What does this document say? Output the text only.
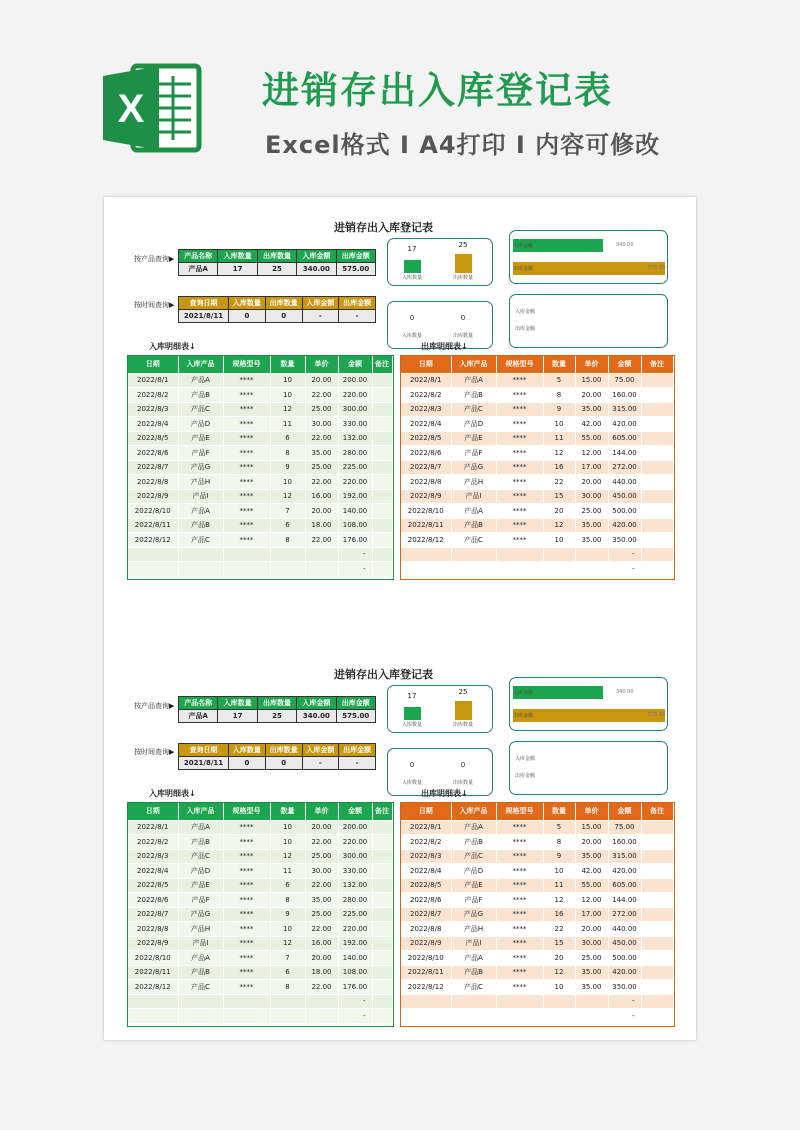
X	进销存出入库登记表
Excel格式 I A4打印 I 内容可修改
进销存出入库登记表
按产品查询▶ 产品名称	入库数量	出库数量	入库金额	出库金额
产品A	17	25	340.00	575.00
按时间查询▶ 查询日期	入库数量	出库数量	入库金额	出库金额
2021/8/11	0	0	-	-
17	25
入库数量	出库数量
0	0
入库数量	出库数量
入库金额	340.00
出库金额	575.00
入库金额
出库金额
入库明细表↓
日期	入库产品	规格型号	数量	单价	金额	备注
2022/8/1	产品A	****	10	20.00	200.00	
2022/8/2	产品B	****	10	22.00	220.00	
2022/8/3	产品C	****	12	25.00	300.00	
2022/8/4	产品D	****	11	30.00	330.00	
2022/8/5	产品E	****	6	22.00	132.00	
2022/8/6	产品F	****	8	35.00	280.00	
2022/8/7	产品G	****	9	25.00	225.00	
2022/8/8	产品H	****	10	22.00	220.00	
2022/8/9	产品I	****	12	16.00	192.00	
2022/8/10	产品A	****	7	20.00	140.00	
2022/8/11	产品B	****	6	18.00	108.00	
2022/8/12	产品C	****	8	22.00	176.00	
					-	
					-	
出库明细表↓
日期	入库产品	规格型号	数量	单价	金额	备注
2022/8/1	产品A	****	5	15.00	75.00	
2022/8/2	产品B	****	8	20.00	160.00	
2022/8/3	产品C	****	9	35.00	315.00	
2022/8/4	产品D	****	10	42.00	420.00	
2022/8/5	产品E	****	11	55.00	605.00	
2022/8/6	产品F	****	12	12.00	144.00	
2022/8/7	产品G	****	16	17.00	272.00	
2022/8/8	产品H	****	22	20.00	440.00	
2022/8/9	产品I	****	15	30.00	450.00	
2022/8/10	产品A	****	20	25.00	500.00	
2022/8/11	产品B	****	12	35.00	420.00	
2022/8/12	产品C	****	10	35.00	350.00	
					-	
					-	
进销存出入库登记表
按产品查询▶ 产品名称	入库数量	出库数量	入库金额	出库金额
产品A	17	25	340.00	575.00
按时间查询▶ 查询日期	入库数量	出库数量	入库金额	出库金额
2021/8/11	0	0	-	-
17	25
入库数量	出库数量
0	0
入库数量	出库数量
入库金额	340.00
出库金额	575.00
入库金额
出库金额
入库明细表↓
日期	入库产品	规格型号	数量	单价	金额	备注
2022/8/1	产品A	****	10	20.00	200.00	
2022/8/2	产品B	****	10	22.00	220.00	
2022/8/3	产品C	****	12	25.00	300.00	
2022/8/4	产品D	****	11	30.00	330.00	
2022/8/5	产品E	****	6	22.00	132.00	
2022/8/6	产品F	****	8	35.00	280.00	
2022/8/7	产品G	****	9	25.00	225.00	
2022/8/8	产品H	****	10	22.00	220.00	
2022/8/9	产品I	****	12	16.00	192.00	
2022/8/10	产品A	****	7	20.00	140.00	
2022/8/11	产品B	****	6	18.00	108.00	
2022/8/12	产品C	****	8	22.00	176.00	
					-	
					-	
出库明细表↓
日期	入库产品	规格型号	数量	单价	金额	备注
2022/8/1	产品A	****	5	15.00	75.00	
2022/8/2	产品B	****	8	20.00	160.00	
2022/8/3	产品C	****	9	35.00	315.00	
2022/8/4	产品D	****	10	42.00	420.00	
2022/8/5	产品E	****	11	55.00	605.00	
2022/8/6	产品F	****	12	12.00	144.00	
2022/8/7	产品G	****	16	17.00	272.00	
2022/8/8	产品H	****	22	20.00	440.00	
2022/8/9	产品I	****	15	30.00	450.00	
2022/8/10	产品A	****	20	25.00	500.00	
2022/8/11	产品B	****	12	35.00	420.00	
2022/8/12	产品C	****	10	35.00	350.00	
					-	
					-	
